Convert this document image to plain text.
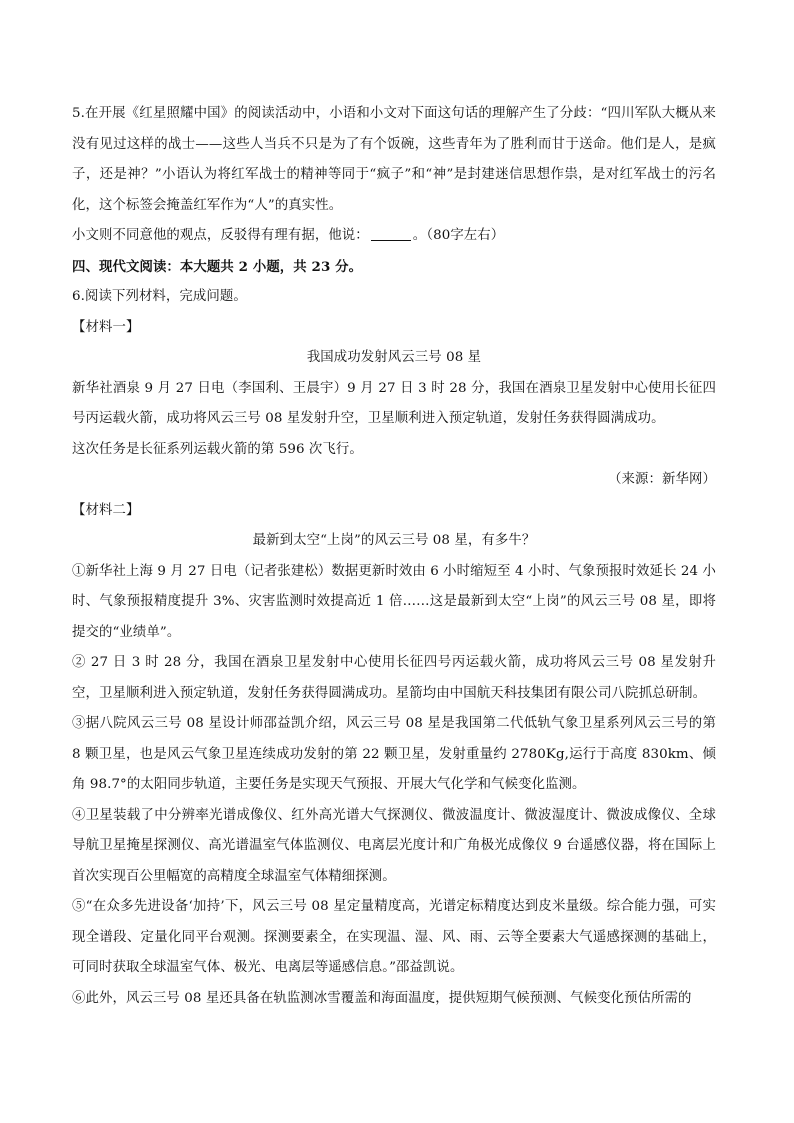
5.在开展《红星照耀中国》的阅读活动中，小语和小文对下面这句话的理解产生了分歧：“四川军队大概从来没有见过这样的战士——这些人当兵不只是为了有个饭碗，这些青年为了胜利而甘于送命。他们是人，是疯子，还是神？”小语认为将红军战士的精神等同于“疯子”和“神”是封建迷信思想作祟，是对红军战士的污名化，这个标签会掩盖红军作为“人”的真实性。

小文则不同意他的观点，反驳得有理有据，他说：	。（80字左右）

四、现代文阅读：本大题共 2 小题，共 23 分。

6.阅读下列材料，完成问题。

【材料一】

我国成功发射风云三号 08 星

新华社酒泉 9 月 27 日电（李国利、王晨宇）9 月 27 日 3 时 28 分，我国在酒泉卫星发射中心使用长征四号丙运载火箭，成功将风云三号 08 星发射升空，卫星顺利进入预定轨道，发射任务获得圆满成功。

这次任务是长征系列运载火箭的第 596 次飞行。

（来源：新华网）

【材料二】

最新到太空“上岗”的风云三号 08 星，有多牛？

①新华社上海 9 月 27 日电（记者张建松）数据更新时效由 6 小时缩短至 4 小时、气象预报时效延长 24 小时、气象预报精度提升 3%、灾害监测时效提高近 1 倍……这是最新到太空“上岗”的风云三号 08 星，即将提交的“业绩单”。

② 27 日 3 时 28 分，我国在酒泉卫星发射中心使用长征四号丙运载火箭，成功将风云三号 08 星发射升空，卫星顺利进入预定轨道，发射任务获得圆满成功。星箭均由中国航天科技集团有限公司八院抓总研制。

③据八院风云三号 08 星设计师邵益凯介绍，风云三号 08 星是我国第二代低轨气象卫星系列风云三号的第 8 颗卫星，也是风云气象卫星连续成功发射的第 22 颗卫星，发射重量约 2780Kg,运行于高度 830km、倾角 98.7°的太阳同步轨道，主要任务是实现天气预报、开展大气化学和气候变化监测。

④卫星装载了中分辨率光谱成像仪、红外高光谱大气探测仪、微波温度计、微波湿度计、微波成像仪、全球导航卫星掩星探测仪、高光谱温室气体监测仪、电离层光度计和广角极光成像仪 9 台遥感仪器，将在国际上首次实现百公里幅宽的高精度全球温室气体精细探测。

⑤“在众多先进设备‘加持’下，风云三号 08 星定量精度高，光谱定标精度达到皮米量级。综合能力强，可实现全谱段、定量化同平台观测。探测要素全，在实现温、湿、风、雨、云等全要素大气遥感探测的基础上，可同时获取全球温室气体、极光、电离层等遥感信息。”邵益凯说。

⑥此外，风云三号 08 星还具备在轨监测冰雪覆盖和海面温度，提供短期气候预测、气候变化预估所需的
